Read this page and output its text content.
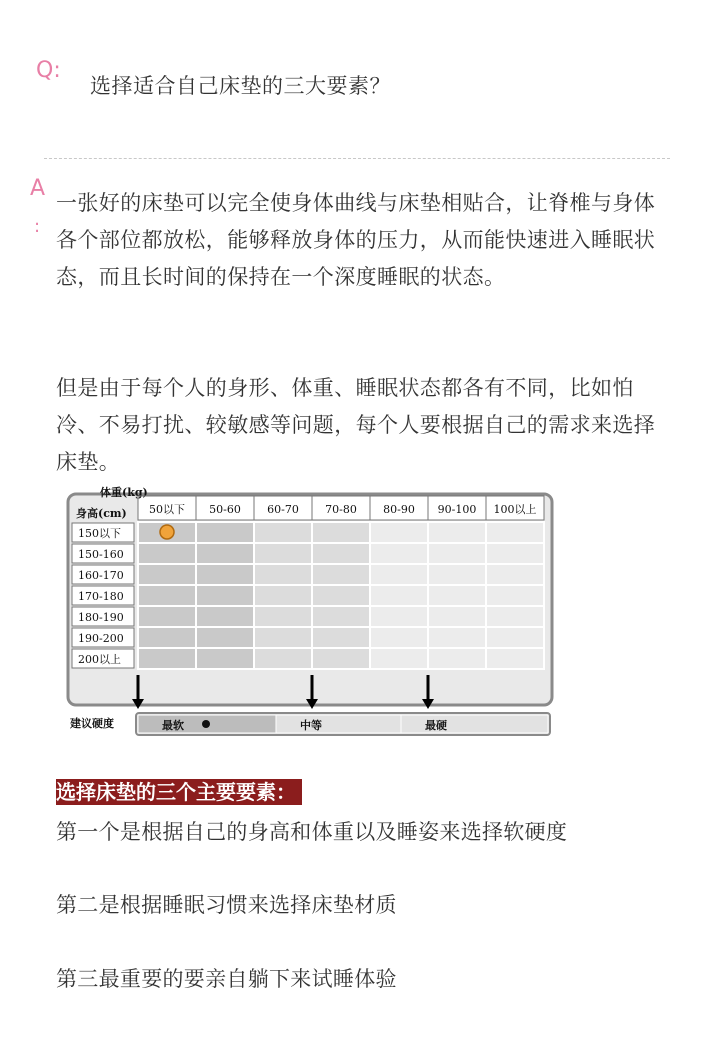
Q:
选择适合自己床垫的三大要素？
A
:
一张好的床垫可以完全使身体曲线与床垫相贴合，让脊椎与身体各个部位都放松，能够释放身体的压力，从而能快速进入睡眠状态，而且长时间的保持在一个深度睡眠的状态。
但是由于每个人的身形、体重、睡眠状态都各有不同，比如怕冷、不易打扰、较敏感等问题，每个人要根据自己的需求来选择床垫。
体重(kg)
身高(cm) 50以下 50-60 60-70 70-80 80-90 90-100 100以上
150以下
150-160
160-170
170-180
180-190
190-200
200以上
建议硬度	最软	中等	最硬
选择床垫的三个主要要素：
第一个是根据自己的身高和体重以及睡姿来选择软硬度
第二是根据睡眠习惯来选择床垫材质
第三最重要的要亲自躺下来试睡体验
